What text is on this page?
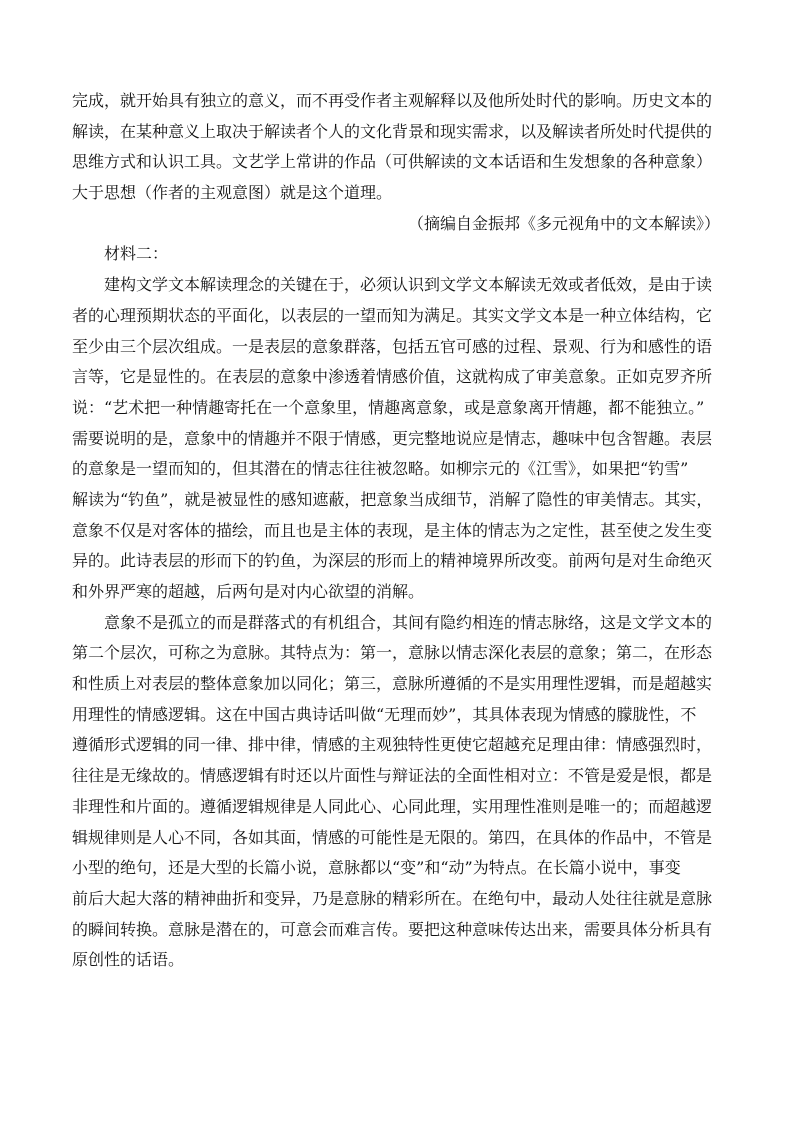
完成，就开始具有独立的意义，而不再受作者主观解释以及他所处时代的影响。历史文本的
解读，在某种意义上取决于解读者个人的文化背景和现实需求，以及解读者所处时代提供的
思维方式和认识工具。文艺学上常讲的作品（可供解读的文本话语和生发想象的各种意象）
大于思想（作者的主观意图）就是这个道理。
（摘编自金振邦《多元视角中的文本解读》）
材料二：
建构文学文本解读理念的关键在于，必须认识到文学文本解读无效或者低效，是由于读
者的心理预期状态的平面化，以表层的一望而知为满足。其实文学文本是一种立体结构，它
至少由三个层次组成。一是表层的意象群落，包括五官可感的过程、景观、行为和感性的语
言等，它是显性的。在表层的意象中渗透着情感价值，这就构成了审美意象。正如克罗齐所
说：“艺术把一种情趣寄托在一个意象里，情趣离意象，或是意象离开情趣，都不能独立。”
需要说明的是，意象中的情趣并不限于情感，更完整地说应是情志，趣味中包含智趣。表层
的意象是一望而知的，但其潜在的情志往往被忽略。如柳宗元的《江雪》，如果把“钓雪”
解读为“钓鱼”，就是被显性的感知遮蔽，把意象当成细节，消解了隐性的审美情志。其实，
意象不仅是对客体的描绘，而且也是主体的表现，是主体的情志为之定性，甚至使之发生变
异的。此诗表层的形而下的钓鱼，为深层的形而上的精神境界所改变。前两句是对生命绝灭
和外界严寒的超越，后两句是对内心欲望的消解。
意象不是孤立的而是群落式的有机组合，其间有隐约相连的情志脉络，这是文学文本的
第二个层次，可称之为意脉。其特点为：第一，意脉以情志深化表层的意象；第二，在形态
和性质上对表层的整体意象加以同化；第三，意脉所遵循的不是实用理性逻辑，而是超越实
用理性的情感逻辑。这在中国古典诗话叫做“无理而妙”，其具体表现为情感的朦胧性，不
遵循形式逻辑的同一律、排中律，情感的主观独特性更使它超越充足理由律：情感强烈时，
往往是无缘故的。情感逻辑有时还以片面性与辩证法的全面性相对立：不管是爱是恨，都是
非理性和片面的。遵循逻辑规律是人同此心、心同此理，实用理性准则是唯一的；而超越逻
辑规律则是人心不同，各如其面，情感的可能性是无限的。第四，在具体的作品中，不管是
小型的绝句，还是大型的长篇小说，意脉都以“变”和“动”为特点。在长篇小说中，事变
前后大起大落的精神曲折和变异，乃是意脉的精彩所在。在绝句中，最动人处往往就是意脉
的瞬间转换。意脉是潜在的，可意会而难言传。要把这种意味传达出来，需要具体分析具有
原创性的话语。
